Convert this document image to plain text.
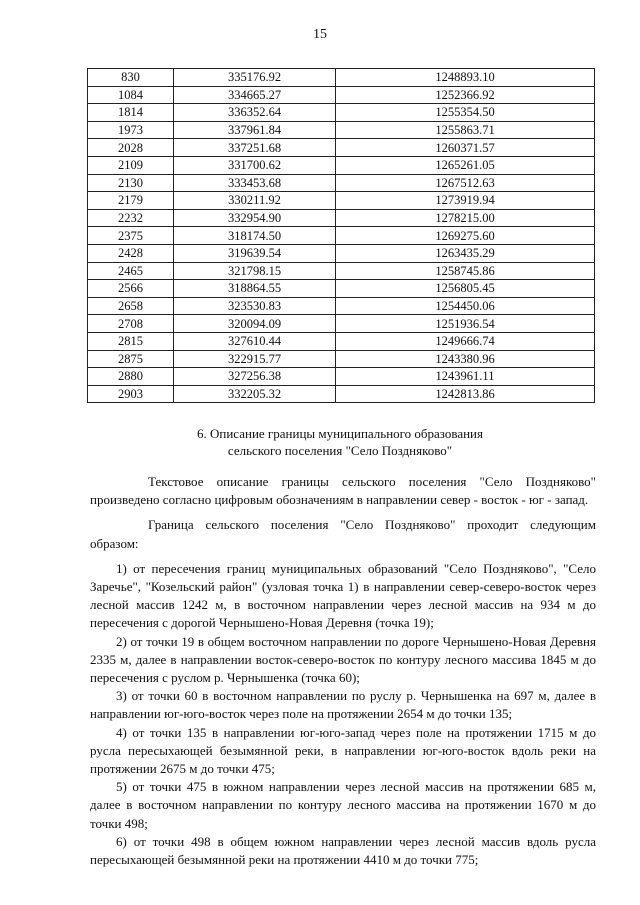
15
830	335176.92	1248893.10
1084	334665.27	1252366.92
1814	336352.64	1255354.50
1973	337961.84	1255863.71
2028	337251.68	1260371.57
2109	331700.62	1265261.05
2130	333453.68	1267512.63
2179	330211.92	1273919.94
2232	332954.90	1278215.00
2375	318174.50	1269275.60
2428	319639.54	1263435.29
2465	321798.15	1258745.86
2566	318864.55	1256805.45
2658	323530.83	1254450.06
2708	320094.09	1251936.54
2815	327610.44	1249666.74
2875	322915.77	1243380.96
2880	327256.38	1243961.11
2903	332205.32	1242813.86
6. Описание границы муниципального образования
сельского поселения "Село Поздняково"

Текстовое описание границы сельского поселения "Село Поздняково" произведено согласно цифровым обозначениям в направлении север - восток - юг - запад.

Граница сельского поселения "Село Поздняково" проходит следующим образом:

1) от пересечения границ муниципальных образований "Село Поздняково", "Село Заречье", "Козельский район" (узловая точка 1) в направлении север-северо-восток через лесной массив 1242 м, в восточном направлении через лесной массив на 934 м до пересечения с дорогой Чернышено-Новая Деревня (точка 19);

2) от точки 19 в общем восточном направлении по дороге Чернышено-Новая Деревня 2335 м, далее в направлении восток-северо-восток по контуру лесного массива 1845 м до пересечения с руслом р. Чернышенка (точка 60);

3) от точки 60 в восточном направлении по руслу р. Чернышенка на 697 м, далее в направлении юг-юго-восток через поле на протяжении 2654 м до точки 135;

4) от точки 135 в направлении юг-юго-запад через поле на протяжении 1715 м до русла пересыхающей безымянной реки, в направлении юг-юго-восток вдоль реки на протяжении 2675 м до точки 475;

5) от точки 475 в южном направлении через лесной массив на протяжении 685 м, далее в восточном направлении по контуру лесного массива на протяжении 1670 м до точки 498;

6) от точки 498 в общем южном направлении через лесной массив вдоль русла пересыхающей безымянной реки на протяжении 4410 м до точки 775;
